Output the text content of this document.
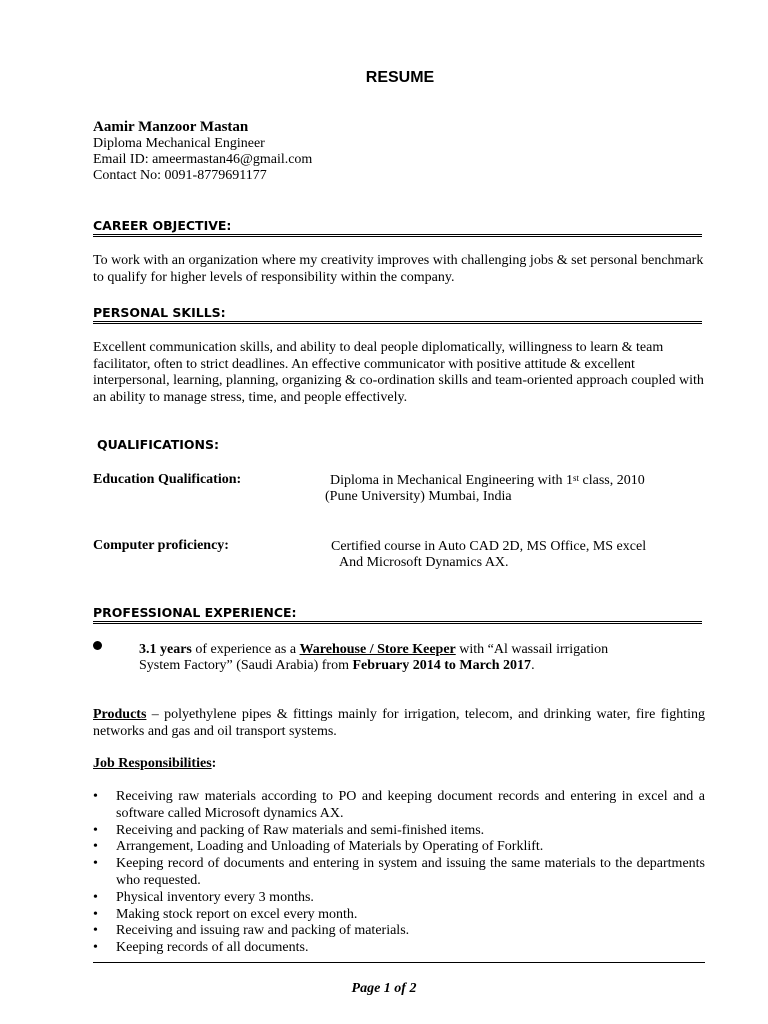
RESUME
Aamir Manzoor Mastan
Diploma Mechanical Engineer
Email ID: ameermastan46@gmail.com
Contact No: 0091-8779691177
CAREER OBJECTIVE:
To work with an organization where my creativity improves with challenging jobs & set personal benchmark to qualify for higher levels of responsibility within the company.
PERSONAL SKILLS:
Excellent communication skills, and ability to deal people diplomatically, willingness to learn & team facilitator, often to strict deadlines. An effective communicator with positive attitude & excellent interpersonal, learning, planning, organizing & co-ordination skills and team-oriented approach coupled with an ability to manage stress, time, and people effectively.
QUALIFICATIONS:
Education Qualification:	Diploma in Mechanical Engineering with 1st class, 2010
(Pune University) Mumbai, India
Computer proficiency:	Certified course in Auto CAD 2D, MS Office, MS excel
And Microsoft Dynamics AX.
PROFESSIONAL EXPERIENCE:
3.1 years of experience as a Warehouse / Store Keeper with “Al wassail irrigation
System Factory” (Saudi Arabia) from February 2014 to March 2017.
Products – polyethylene pipes & fittings mainly for irrigation, telecom, and drinking water, fire fighting networks and gas and oil transport systems.
Job Responsibilities:
• Receiving raw materials according to PO and keeping document records and entering in excel and a software called Microsoft dynamics AX.
• Receiving and packing of Raw materials and semi-finished items.
• Arrangement, Loading and Unloading of Materials by Operating of Forklift.
• Keeping record of documents and entering in system and issuing the same materials to the departments who requested.
• Physical inventory every 3 months.
• Making stock report on excel every month.
• Receiving and issuing raw and packing of materials.
• Keeping records of all documents.
Page 1 of 2
